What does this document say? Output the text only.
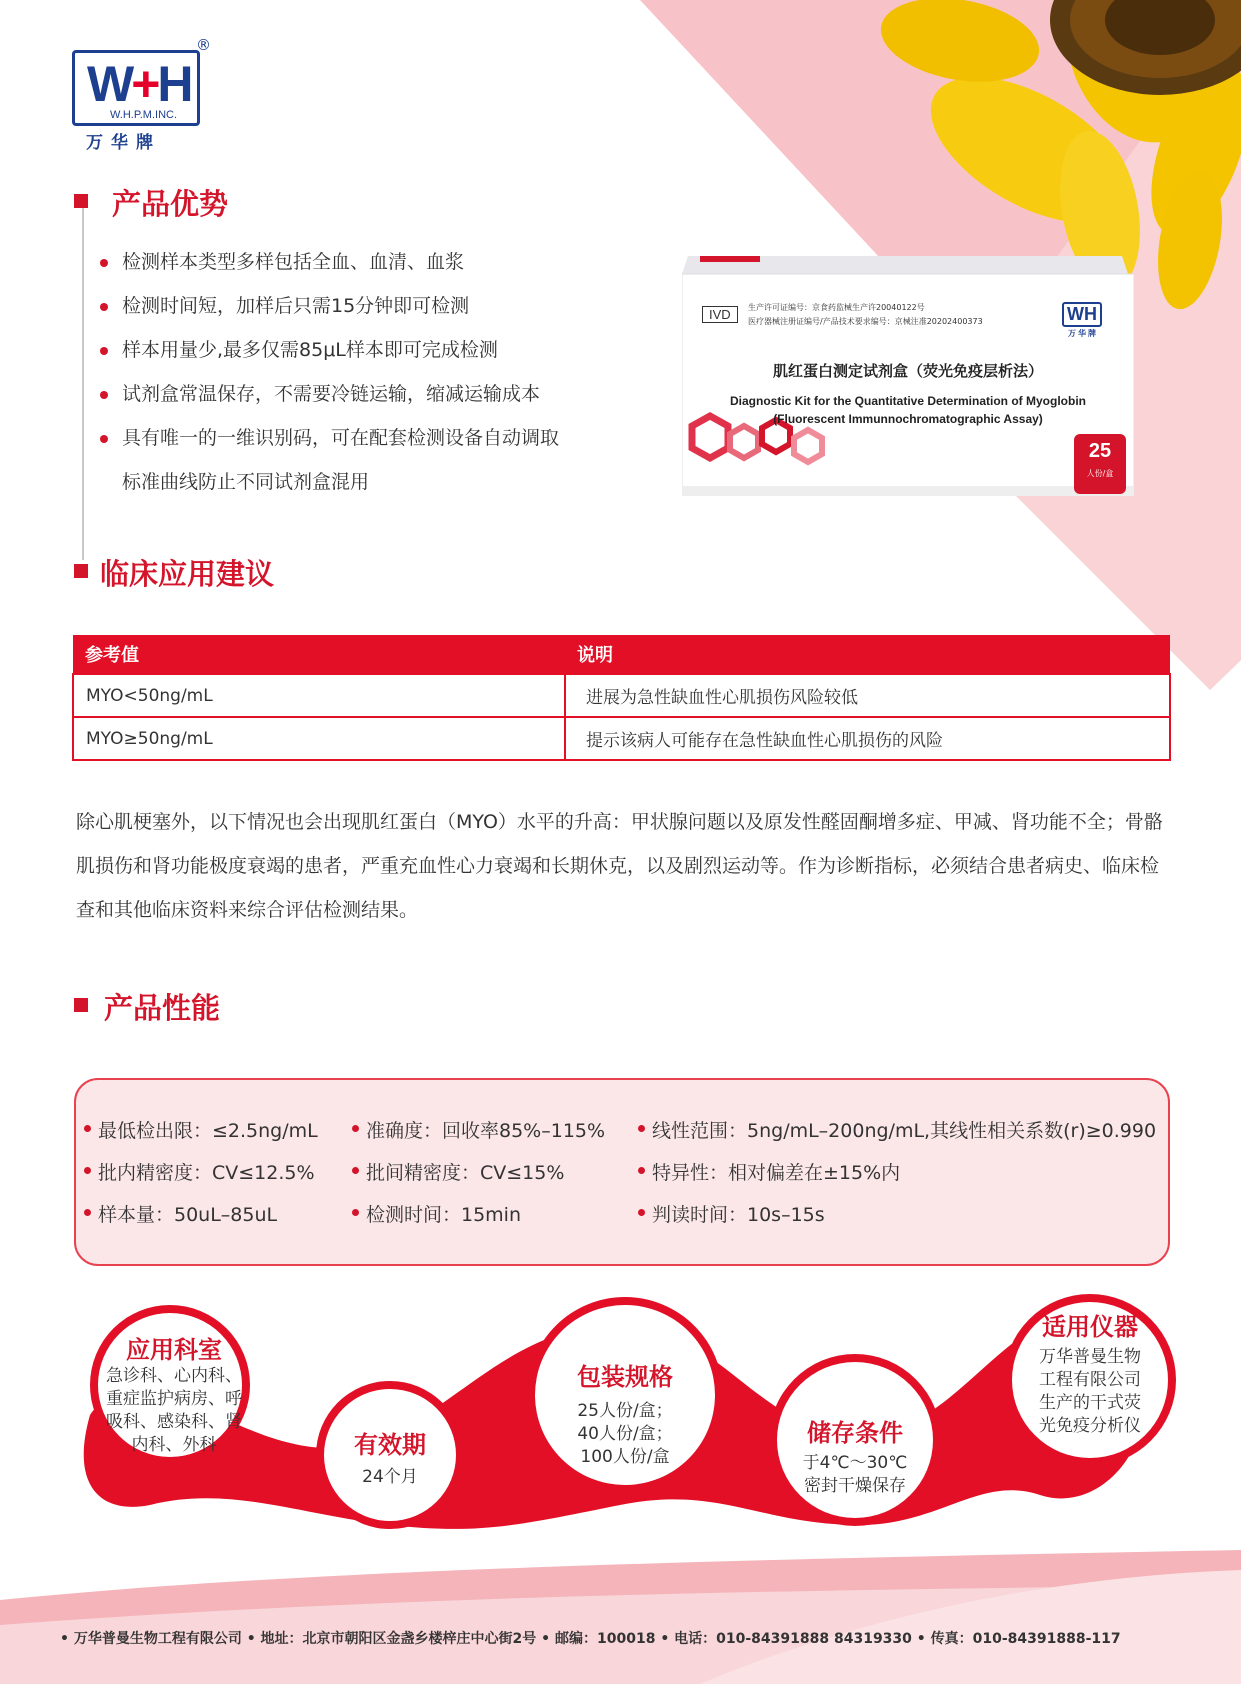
W+H
®
W.H.P.M.INC.
万华牌
产品优势
检测样本类型多样包括全血、血清、血浆
检测时间短，加样后只需15分钟即可检测
样本用量少,最多仅需85μL样本即可完成检测
试剂盒常温保存，不需要冷链运输，缩减运输成本
具有唯一的一维识别码，可在配套检测设备自动调取
标准曲线防止不同试剂盒混用
IVD	生产许可证编号：京食药监械生产许20040122号
医疗器械注册证编号/产品技术要求编号：京械注准20202400373	WH
万华牌
肌红蛋白测定试剂盒（荧光免疫层析法）
Diagnostic Kit for the Quantitative Determination of Myoglobin
(Fluorescent Immunnochromatographic Assay)
25
人份/盒
临床应用建议
参考值	说明
MYO<50ng/mL	进展为急性缺血性心肌损伤风险较低
MYO≥50ng/mL	提示该病人可能存在急性缺血性心肌损伤的风险
除心肌梗塞外，以下情况也会出现肌红蛋白（MYO）水平的升高：甲状腺问题以及原发性醛固酮增多症、甲减、肾功能不全；骨骼肌损伤和肾功能极度衰竭的患者，严重充血性心力衰竭和长期休克，以及剧烈运动等。作为诊断指标，必须结合患者病史、临床检查和其他临床资料来综合评估检测结果。
产品性能
最低检出限：≤2.5ng/mL	准确度：回收率85%–115%	线性范围：5ng/mL–200ng/mL,其线性相关系数(r)≥0.990
批内精密度：CV≤12.5%	批间精密度：CV≤15%	特异性：相对偏差在±15%内
样本量：50uL–85uL	检测时间：15min	判读时间：10s–15s
应用科室
急诊科、心内科、
重症监护病房、呼
吸科、感染科、肾
内科、外科	有效期
24个月
包装规格
25人份/盒；
40人份/盒；
100人份/盒
储存条件
于4℃～30℃
密封干燥保存
适用仪器
万华普曼生物
工程有限公司
生产的干式荧
光免疫分析仪
• 万华普曼生物工程有限公司 • 地址：北京市朝阳区金盏乡楼梓庄中心街2号 • 邮编：100018 • 电话：010-84391888 84319330 • 传真：010-84391888-117
